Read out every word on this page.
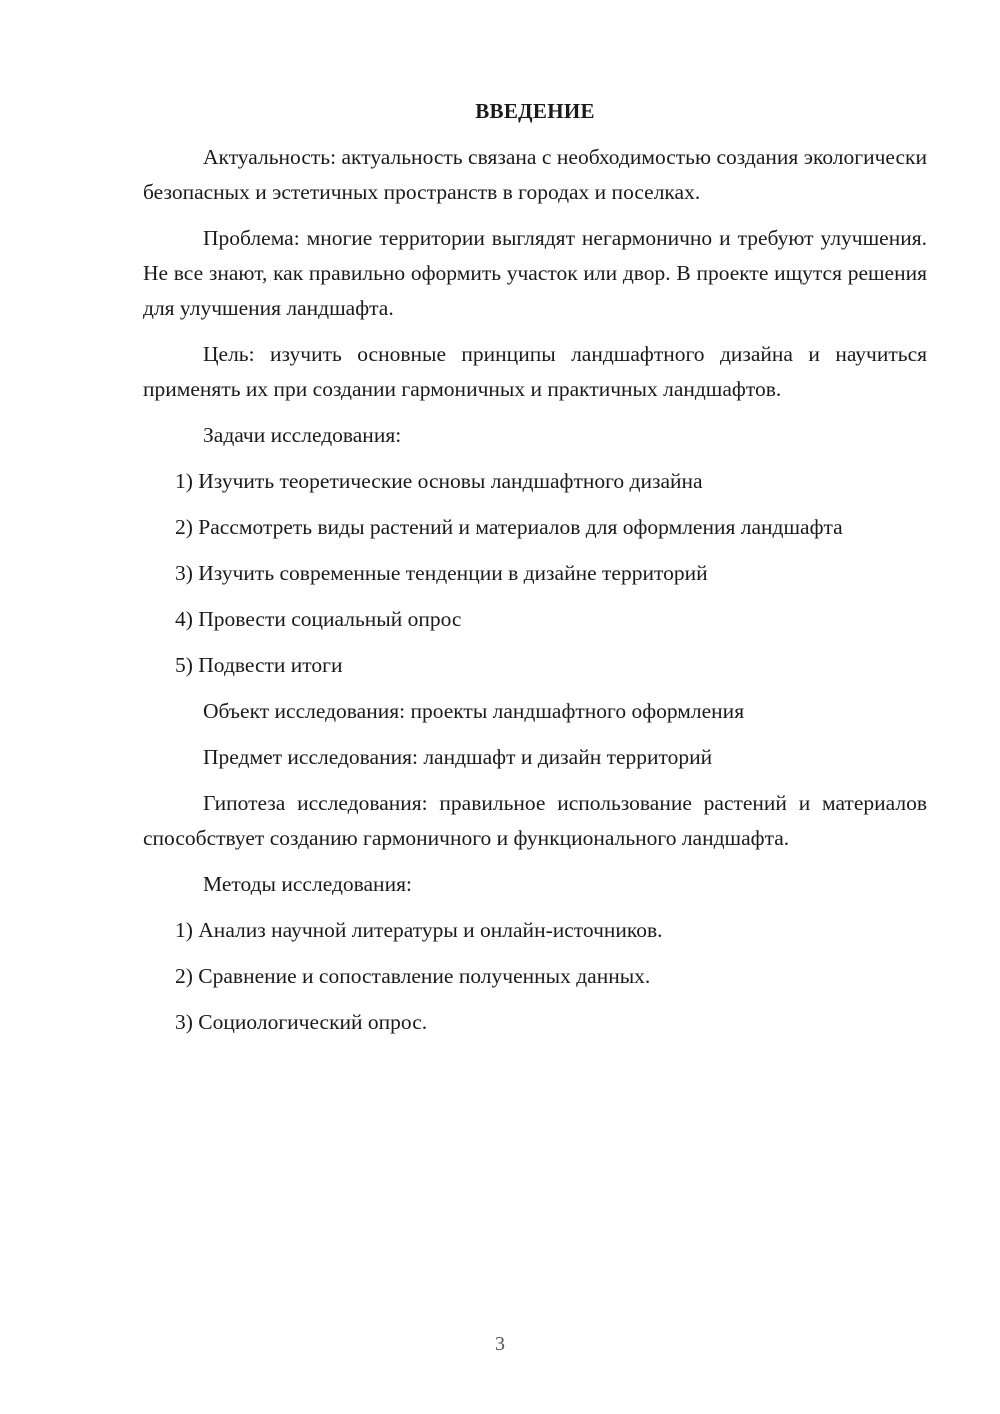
ВВЕДЕНИЕ

Актуальность: актуальность связана с необходимостью создания экологически безопасных и эстетичных пространств в городах и поселках.

Проблема: многие территории выглядят негармонично и требуют улучшения. Не все знают, как правильно оформить участок или двор. В проекте ищутся решения для улучшения ландшафта.

Цель: изучить основные принципы ландшафтного дизайна и научиться применять их при создании гармоничных и практичных ландшафтов.

Задачи исследования:

1) Изучить теоретические основы ландшафтного дизайна

2) Рассмотреть виды растений и материалов для оформления ландшафта

3) Изучить современные тенденции в дизайне территорий

4) Провести социальный опрос

5) Подвести итоги

Объект исследования: проекты ландшафтного оформления

Предмет исследования: ландшафт и дизайн территорий

Гипотеза исследования: правильное использование растений и материалов способствует созданию гармоничного и функционального ландшафта.

Методы исследования:

1) Анализ научной литературы и онлайн-источников.

2) Сравнение и сопоставление полученных данных.

3) Социологический опрос.

3
